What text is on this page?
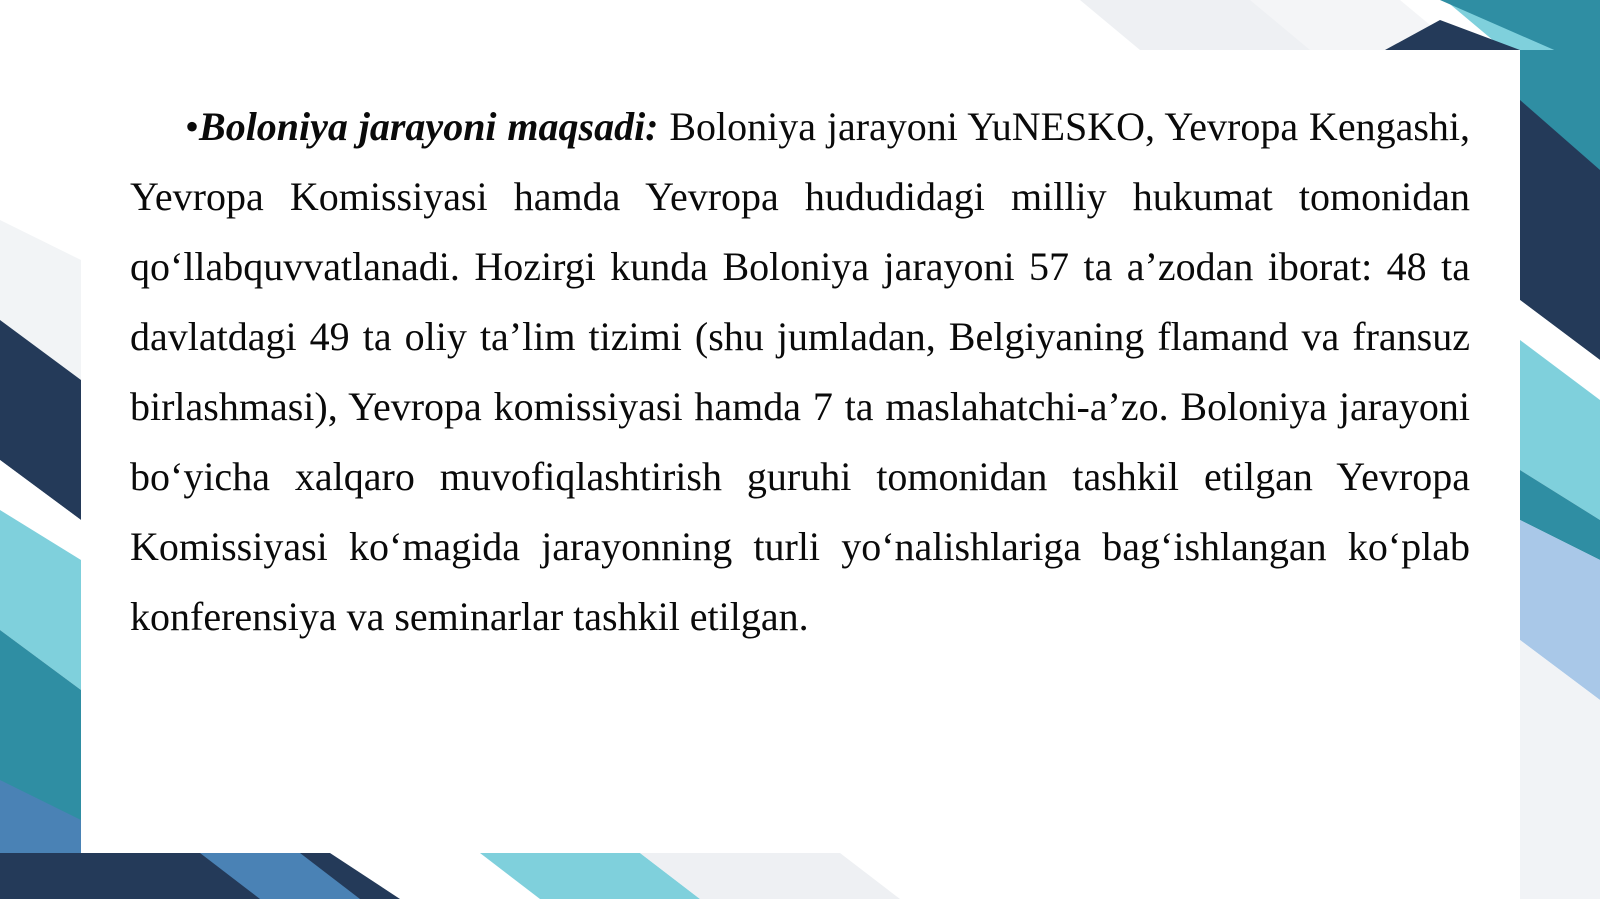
•Boloniya jarayoni maqsadi: Boloniya jarayoni YuNESKO, Yevropa Kengashi, Yevropa Komissiyasi hamda Yevropa hududidagi milliy hukumat tomonidan qo‘llabquvvatlanadi. Hozirgi kunda Boloniya jarayoni 57 ta a’zodan iborat: 48 ta davlatdagi 49 ta oliy ta’lim tizimi (shu jumladan, Belgiyaning flamand va fransuz birlashmasi), Yevropa komissiyasi hamda 7 ta maslahatchi-a’zo. Boloniya jarayoni bo‘yicha xalqaro muvofiqlashtirish guruhi tomonidan tashkil etilgan Yevropa Komissiyasi ko‘magida jarayonning turli yo‘nalishlariga bag‘ishlangan ko‘plab konferensiya va seminarlar tashkil etilgan.
